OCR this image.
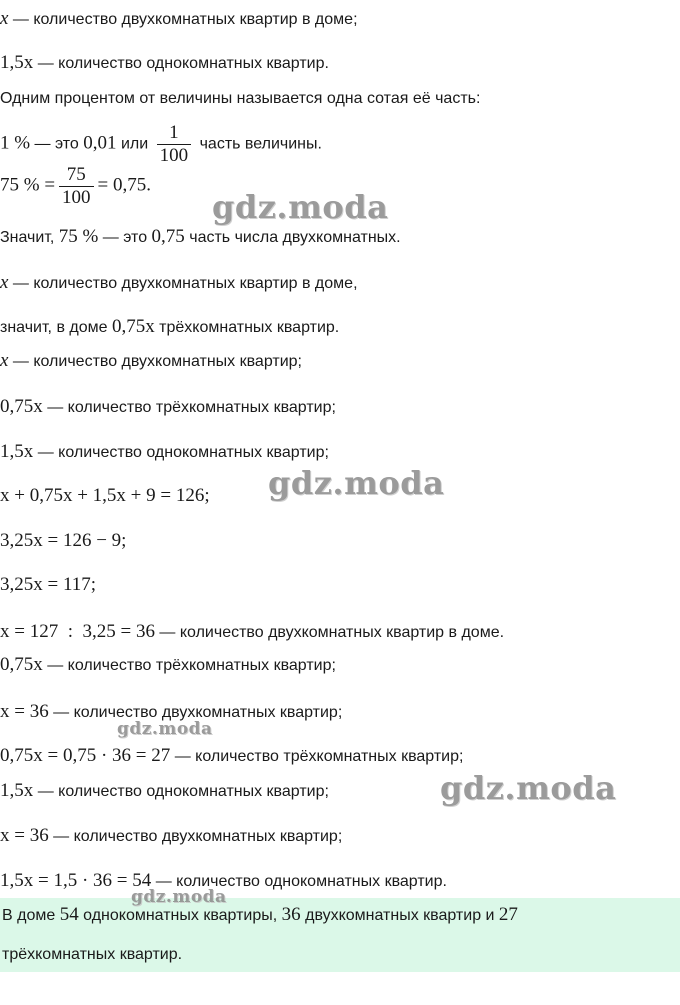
x — количество двухкомнатных квартир в доме;
1,5x — количество однокомнатных квартир.
Одним процентом от величины называется одна сотая её часть:
1 % — это 0,01 или $\frac{1}{100}$ часть величины.
75 % = $\frac{75}{100} = 0,75$.
Значит, 75 % — это 0,75 часть числа двухкомнатных.
x — количество двухкомнатных квартир в доме,
значит, в доме 0,75x трёхкомнатных квартир.
x — количество двухкомнатных квартир;
0,75x — количество трёхкомнатных квартир;
1,5x — количество однокомнатных квартир;
x + 0,75x + 1,5x + 9 = 126;
3,25x = 126 − 9;
3,25x = 117;
x = 127  :  3,25 = 36 — количество двухкомнатных квартир в доме.
0,75x — количество трёхкомнатных квартир;
x = 36 — количество двухкомнатных квартир;
0,75x = 0,75 · 36 = 27 — количество трёхкомнатных квартир;
1,5x — количество однокомнатных квартир;
x = 36 — количество двухкомнатных квартир;
1,5x = 1,5 · 36 = 54 — количество однокомнатных квартир.
В доме 54 однокомнатных квартиры, 36 двухкомнатных квартир и 27
трёхкомнатных квартир.
gdz.moda
gdz.moda
gdz.moda
gdz.moda
gdz.moda
